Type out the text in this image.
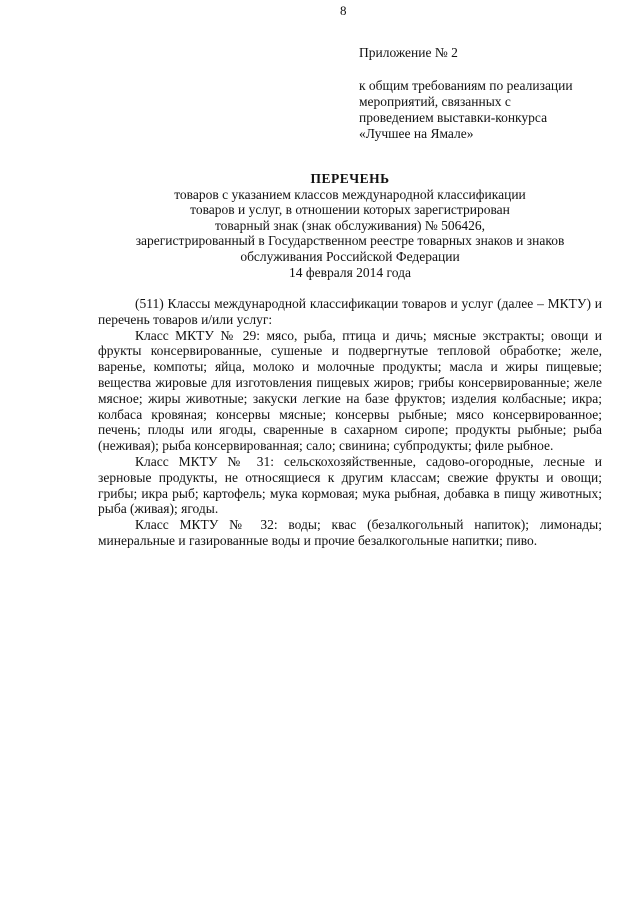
8
Приложение № 2
к общим требованиям по реализации
мероприятий, связанных с
проведением выставки-конкурса
«Лучшее на Ямале»
ПЕРЕЧЕНЬ
товаров с указанием классов международной классификации
товаров и услуг, в отношении которых зарегистрирован
товарный знак (знак обслуживания) № 506426,
зарегистрированный в Государственном реестре товарных знаков и знаков
обслуживания Российской Федерации
14 февраля 2014 года

(511) Классы международной классификации товаров и услуг (далее – МКТУ) и перечень товаров и/или услуг:

Класс МКТУ № 29: мясо, рыба, птица и дичь; мясные экстракты; овощи и фрукты консервированные, сушеные и подвергнутые тепловой обработке; желе, варенье, компоты; яйца, молоко и молочные продукты; масла и жиры пищевые; вещества жировые для изготовления пищевых жиров; грибы консервированные; желе мясное; жиры животные; закуски легкие на базе фруктов; изделия колбасные; икра; колбаса кровяная; консервы мясные; консервы рыбные; мясо консервированное; печень; плоды или ягоды, сваренные в сахарном сиропе; продукты рыбные; рыба (неживая); рыба консервированная; сало; свинина; субпродукты; филе рыбное.

Класс МКТУ № 31: сельскохозяйственные, садово-огородные, лесные и зерновые продукты, не относящиеся к другим классам; свежие фрукты и овощи; грибы; икра рыб; картофель; мука кормовая; мука рыбная, добавка в пищу животных; рыба (живая); ягоды.

Класс МКТУ № 32: воды; квас (безалкогольный напиток); лимонады; минеральные и газированные воды и прочие безалкогольные напитки; пиво.
